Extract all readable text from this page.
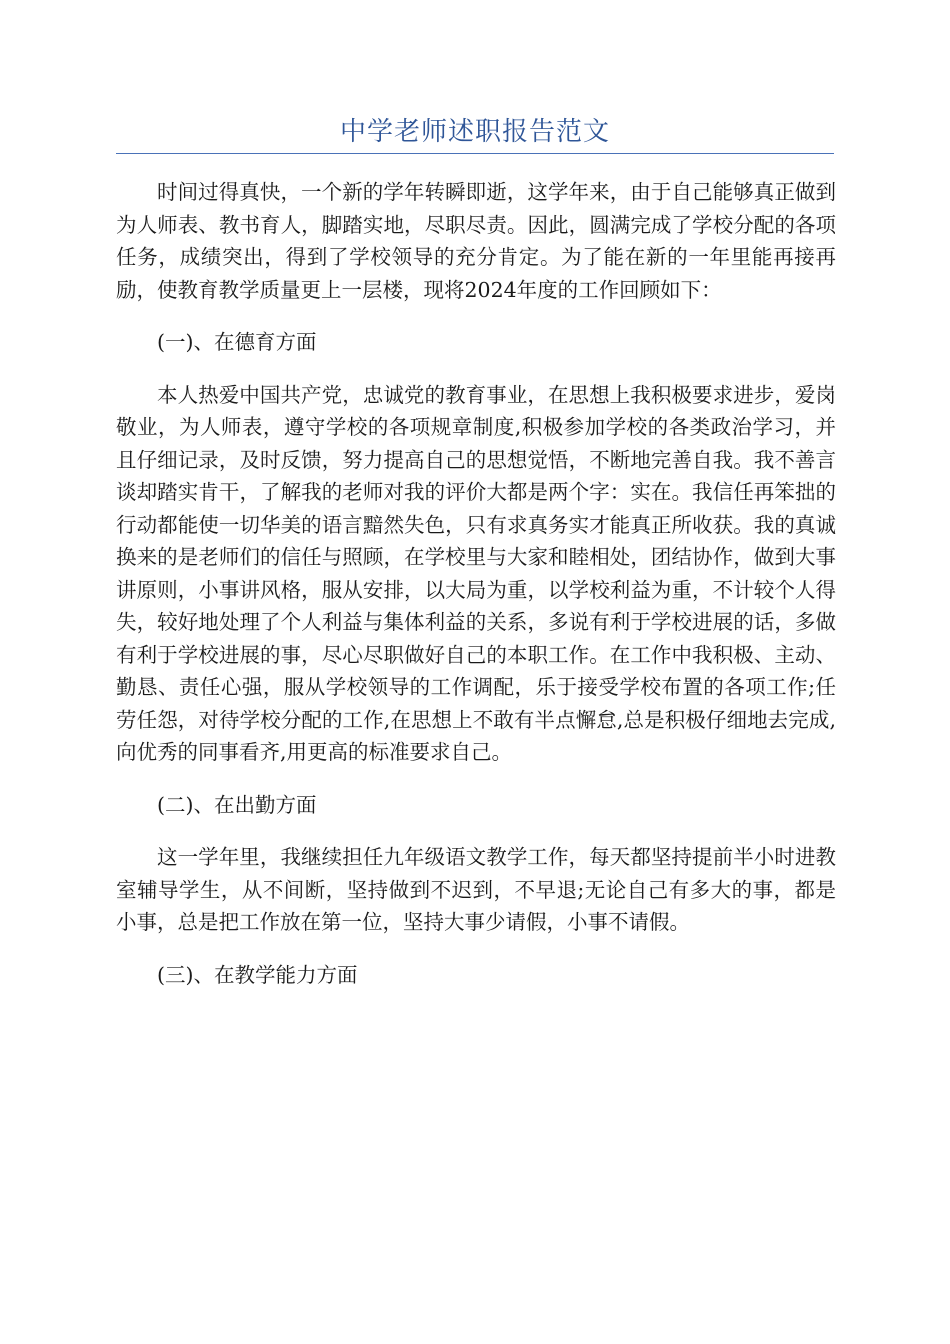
中学老师述职报告范文

时间过得真快，一个新的学年转瞬即逝，这学年来，由于自己能够真正做到为人师表、教书育人，脚踏实地，尽职尽责。因此，圆满完成了学校分配的各项任务，成绩突出，得到了学校领导的充分肯定。为了能在新的一年里能再接再励，使教育教学质量更上一层楼，现将2024年度的工作回顾如下：

(一)、在德育方面

本人热爱中国共产党，忠诚党的教育事业，在思想上我积极要求进步，爱岗敬业，为人师表，遵守学校的各项规章制度,积极参加学校的各类政治学习，并且仔细记录，及时反馈，努力提高自己的思想觉悟，不断地完善自我。我不善言谈却踏实肯干，了解我的老师对我的评价大都是两个字：实在。我信任再笨拙的行动都能使一切华美的语言黯然失色，只有求真务实才能真正所收获。我的真诚换来的是老师们的信任与照顾，在学校里与大家和睦相处，团结协作，做到大事讲原则，小事讲风格，服从安排，以大局为重，以学校利益为重，不计较个人得失，较好地处理了个人利益与集体利益的关系，多说有利于学校进展的话，多做有利于学校进展的事，尽心尽职做好自己的本职工作。在工作中我积极、主动、勤恳、责任心强，服从学校领导的工作调配，乐于接受学校布置的各项工作;任劳任怨，对待学校分配的工作,在思想上不敢有半点懈怠,总是积极仔细地去完成,向优秀的同事看齐,用更高的标准要求自己。

(二)、在出勤方面

这一学年里，我继续担任九年级语文教学工作，每天都坚持提前半小时进教室辅导学生，从不间断，坚持做到不迟到，不早退;无论自己有多大的事，都是小事，总是把工作放在第一位，坚持大事少请假，小事不请假。

(三)、在教学能力方面
